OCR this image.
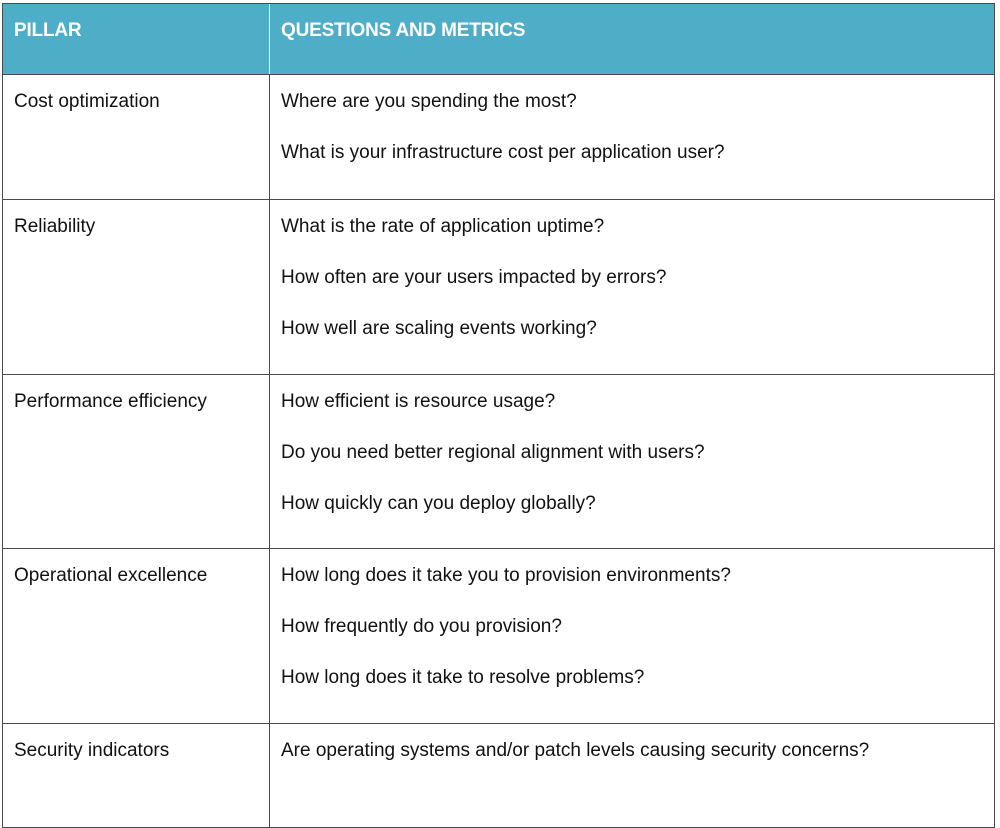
PILLAR	QUESTIONS AND METRICS
Cost optimization	Where are you spending the most?
What is your infrastructure cost per application user?
Reliability	What is the rate of application uptime?
How often are your users impacted by errors?
How well are scaling events working?
Performance efficiency	How efficient is resource usage?
Do you need better regional alignment with users?
How quickly can you deploy globally?
Operational excellence	How long does it take you to provision environments?
How frequently do you provision?
How long does it take to resolve problems?
Security indicators	Are operating systems and/or patch levels causing security concerns?
